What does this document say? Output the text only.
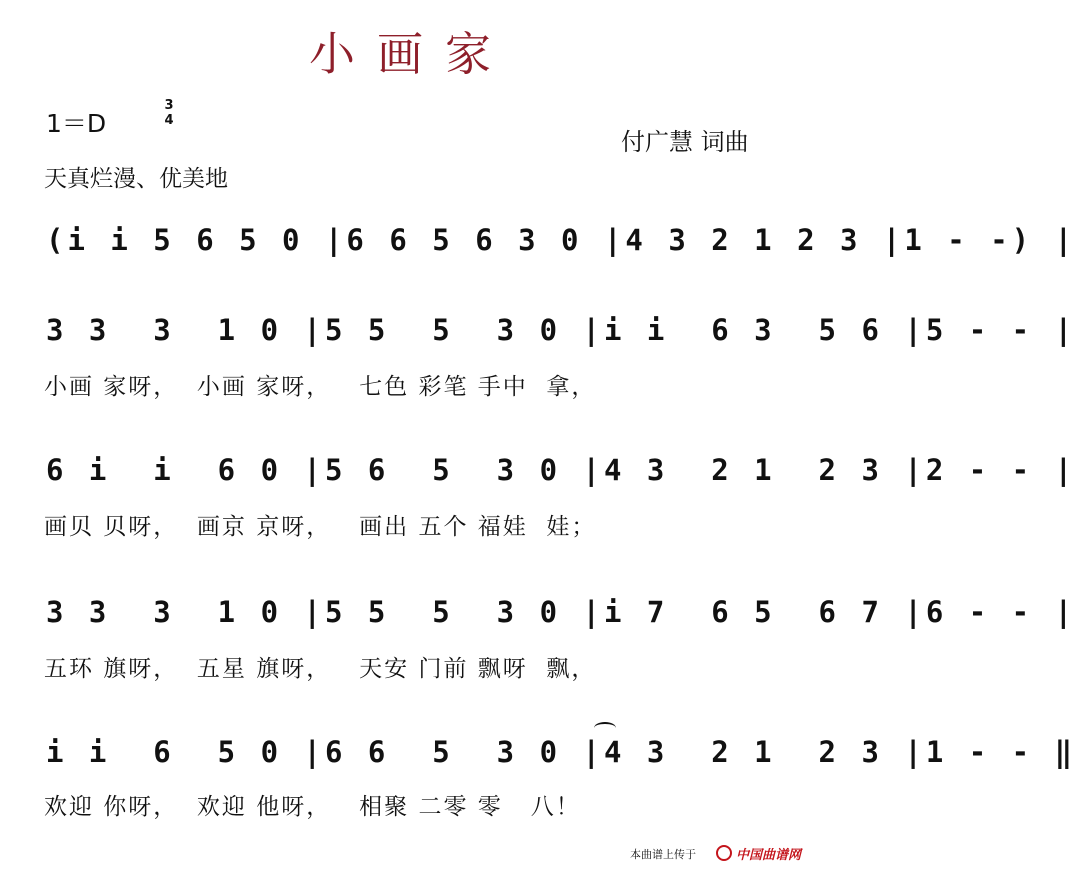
小画家
1＝D
3
4
付广慧 词曲
天真烂漫、优美地
(i i 5 6 5 0 |6 6 5 6 3 0 |4 3 2 1 2 3 |1 - -) |
3 3  3  1 0 |5 5  5  3 0 |i i  6 3  5 6 |5 - - |
小画 家呀，  小画 家呀，   七色 彩笔 手中  拿，
6 i  i  6 0 |5 6  5  3 0 |4 3  2 1  2 3 |2 - - |
画贝 贝呀，  画京 京呀，   画出 五个 福娃  娃；
3 3  3  1 0 |5 5  5  3 0 |i 7  6 5  6 7 |6 - - |
五环 旗呀，  五星 旗呀，   天安 门前 飘呀  飘，
i i  6  5 0 |6 6  5  3 0 |4 3  2 1  2 3 |1 - - ‖
欢迎 你呀，  欢迎 他呀，   相聚 二零 零   八！
本曲谱上传于	中国曲谱网
